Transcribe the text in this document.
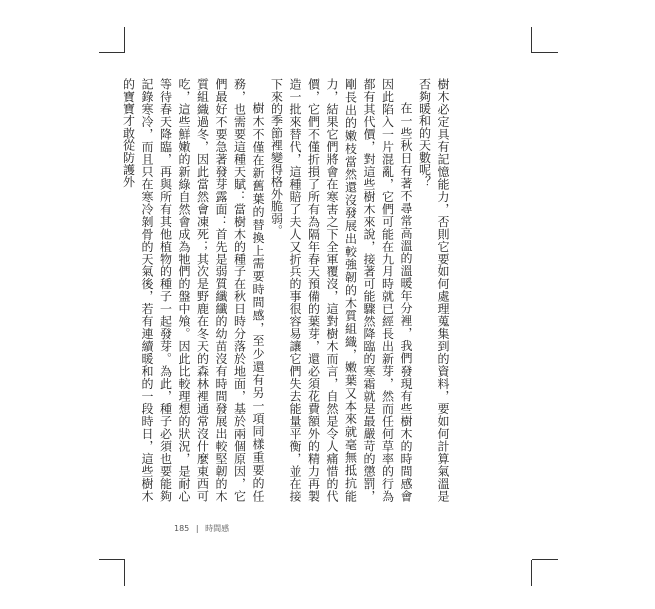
樹木必定具有記憶能力，否則它要如何處理蒐集到的資料，要如何計算氣溫是否夠暖和的天數呢？

在一些秋日有著不尋常高溫的溫暖年分裡，我們發現有些樹木的時間感會因此陷入一片混亂，它們可能在九月時就已經長出新芽，然而任何草率的行為都有其代價，對這些樹木來說，接著可能驟然降臨的寒霜就是最嚴苛的懲罰，剛長出的嫩枝當然還沒發展出較強韌的木質組織，嫩葉又本來就毫無抵抗能力，結果它們將會在寒害之下全軍覆沒，這對樹木而言，自然是令人痛惜的代價，它們不僅折損了所有為隔年春天預備的葉芽，還必須花費額外的精力再製造一批來替代，這種賠了夫人又折兵的事很容易讓它們失去能量平衡，並在接下來的季節裡變得格外脆弱。

樹木不僅在新舊葉的替換上需要時間感，至少還有另一項同樣重要的任務，也需要這種天賦：當樹木的種子在秋日時分落於地面，基於兩個原因，它們最好不要急著發芽露面：首先是弱質纖纖的幼苗沒有時間發展出較堅韌的木質組織過冬，因此當然會凍死；其次是野鹿在冬天的森林裡通常沒什麼東西可吃，這些鮮嫩的新綠自然會成為牠們的盤中飧。因此比較理想的狀況，是耐心等待春天降臨，再與所有其他植物的種子一起發芽。為此，種子必須也要能夠記錄寒冷，而且只在寒冷剝骨的天氣後，若有連續暖和的一段時日，這些樹木的寶寶才敢從防護外

185 | 時間感
